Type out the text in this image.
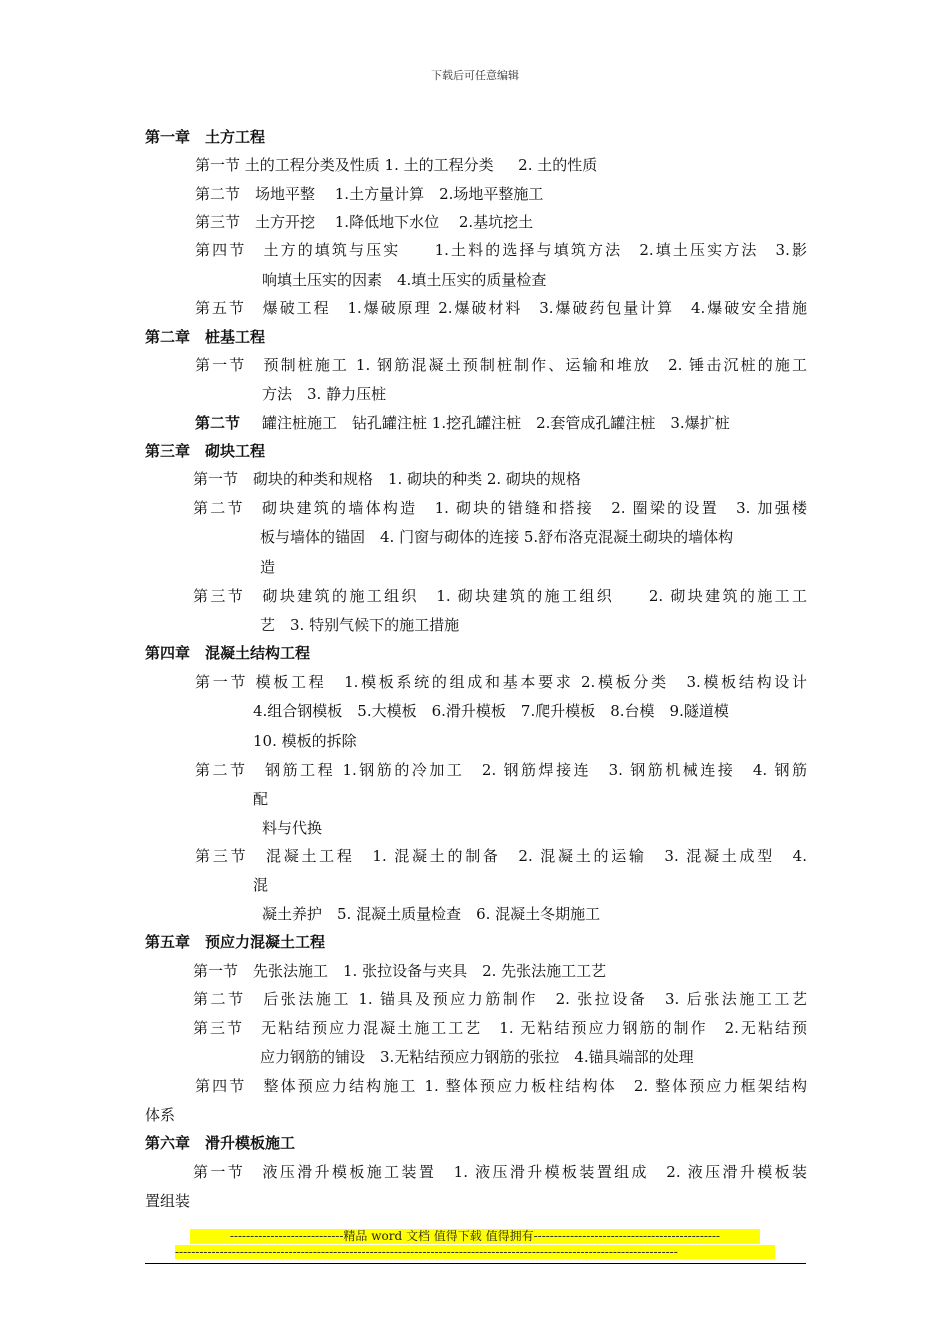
下载后可任意编辑
第一章　土方工程
第一节 土的工程分类及性质 1. 土的工程分类　  2. 土的性质
第二节　场地平整　 1.土方量计算　2.场地平整施工
第三节　土方开挖　 1.降低地下水位　 2.基坑挖土
第四节　土方的填筑与压实　　1.土料的选择与填筑方法　2.填土压实方法　3.影
响填土压实的因素　4.填土压实的质量检查
第五节　爆破工程　1.爆破原理 2.爆破材料　3.爆破药包量计算　4.爆破安全措施
第二章　桩基工程
第一节　预制桩施工 1. 钢筋混凝土预制桩制作、运输和堆放　2. 锤击沉桩的施工
方法　3. 静力压桩
第二节 罐注桩施工　钻孔罐注桩 1.挖孔罐注桩　2.套管成孔罐注桩　3.爆扩桩
第三章　砌块工程
第一节　砌块的种类和规格　1. 砌块的种类 2. 砌块的规格
第二节　砌块建筑的墙体构造　1. 砌块的错缝和搭接　2. 圈梁的设置　3. 加强楼
板与墙体的锚固　4. 门窗与砌体的连接 5.舒布洛克混凝土砌块的墙体构
造
第三节　砌块建筑的施工组织　1. 砌块建筑的施工组织　　2. 砌块建筑的施工工
艺　3. 特别气候下的施工措施
第四章　混凝土结构工程
第一节 模板工程　1.模板系统的组成和基本要求 2.模板分类　3.模板结构设计
4.组合钢模板　5.大模板　6.滑升模板　7.爬升模板　8.台模　9.隧道模
10. 模板的拆除
第二节　钢筋工程 1.钢筋的冷加工　2. 钢筋焊接连　3. 钢筋机械连接　4. 钢筋
配
料与代换
第三节　混凝土工程　1. 混凝土的制备　2. 混凝土的运输　3. 混凝土成型　4.
混
凝土养护　5. 混凝土质量检查　6. 混凝土冬期施工
第五章　预应力混凝土工程
第一节　先张法施工　1. 张拉设备与夹具　2. 先张法施工工艺
第二节　后张法施工 1. 锚具及预应力筋制作　2. 张拉设备　3. 后张法施工工艺
第三节　无粘结预应力混凝土施工工艺　1. 无粘结预应力钢筋的制作　2.无粘结预
应力钢筋的铺设　3.无粘结预应力钢筋的张拉　4.锚具端部的处理
第四节　整体预应力结构施工 1. 整体预应力板柱结构体　2. 整体预应力框架结构
体系
第六章　滑升模板施工
第一节　液压滑升模板施工装置　1. 液压滑升模板装置组成　2. 液压滑升模板装
置组装
----------------------------精品 word 文档 值得下载 值得拥有----------------------------------------------
----------------------------------------------------------------------------------------------------------------------------
